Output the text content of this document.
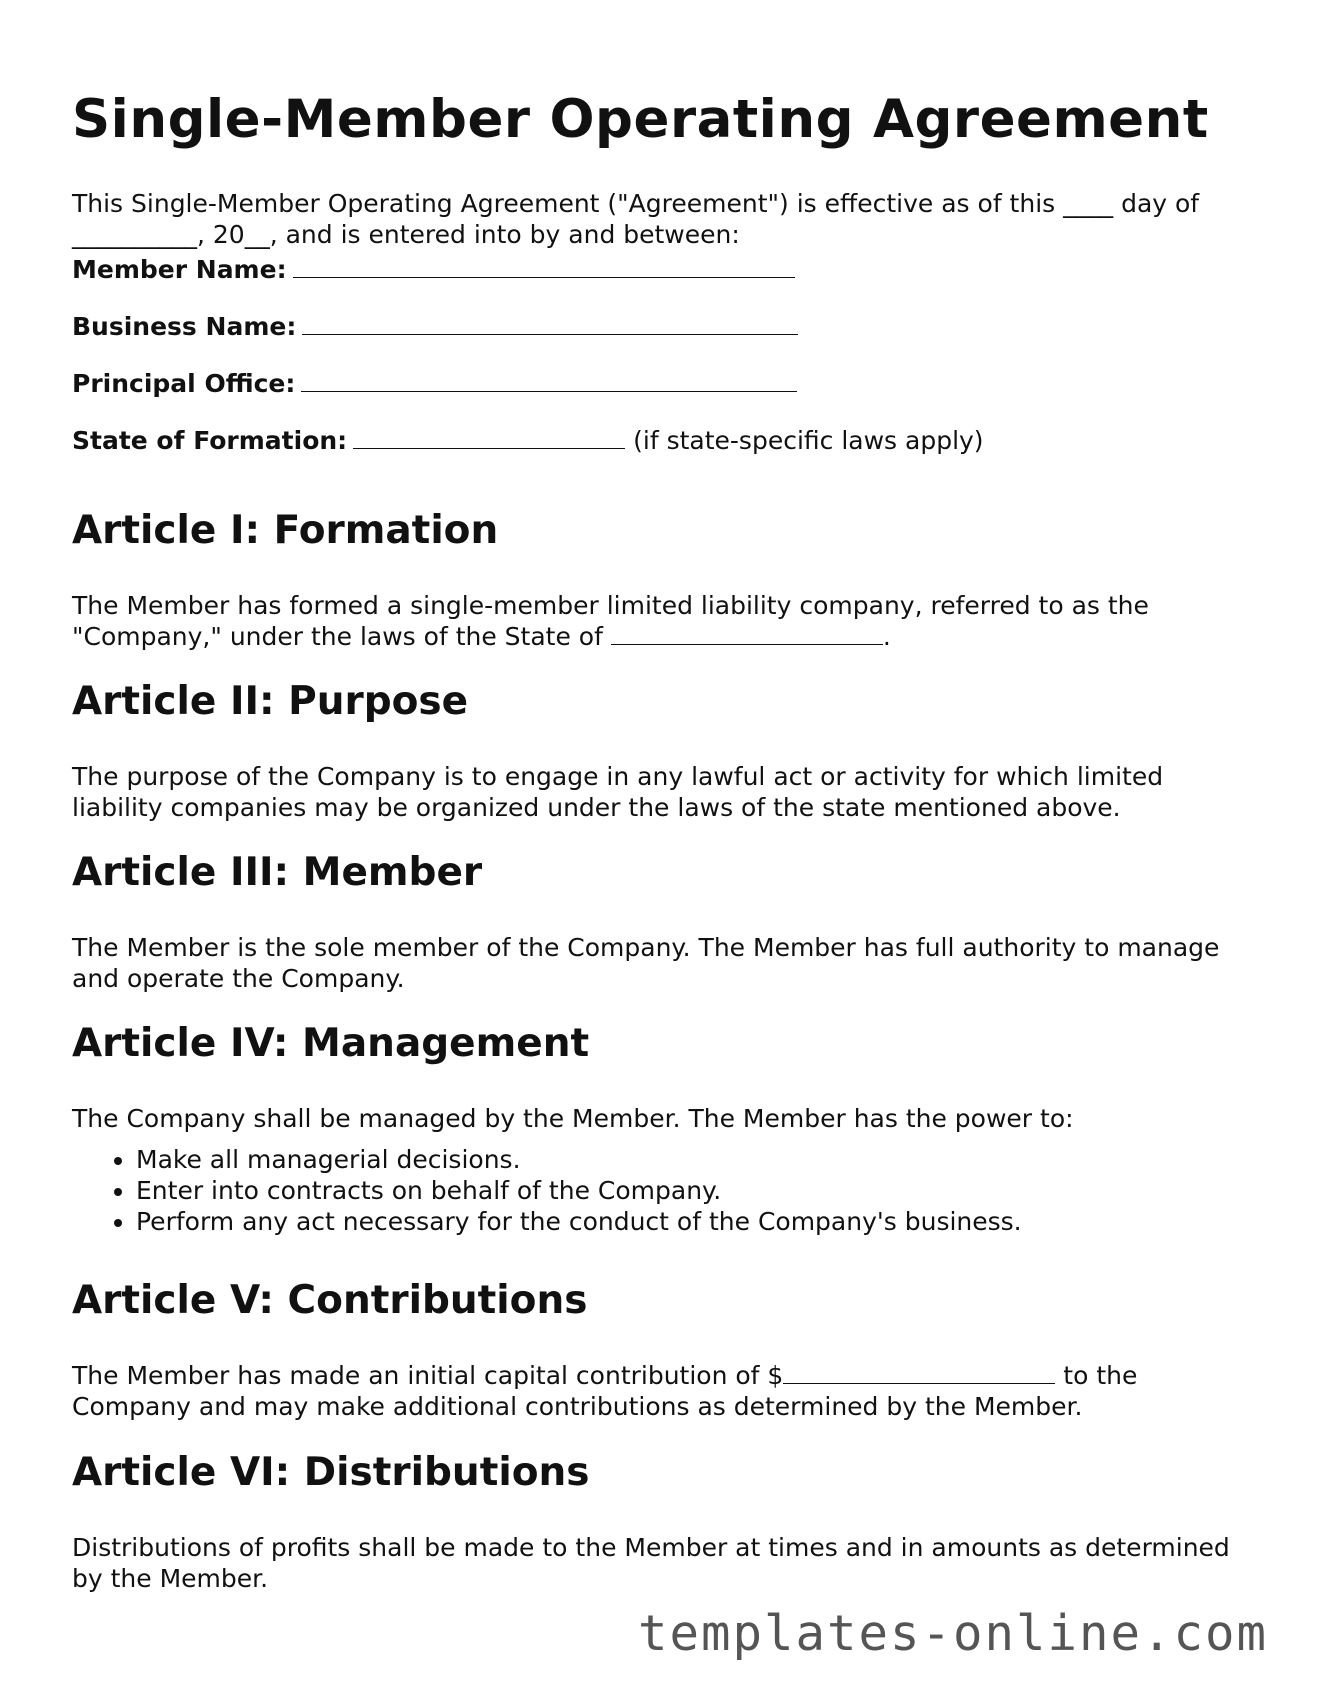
Single-Member Operating Agreement

This Single-Member Operating Agreement ("Agreement") is effective as of this ____ day of __________, 20__, and is entered into by and between:

Member Name:

Business Name:

Principal Office:

State of Formation:	(if state-specific laws apply)

Article I: Formation

The Member has formed a single-member limited liability company, referred to as the "Company," under the laws of the State of	.

Article II: Purpose

The purpose of the Company is to engage in any lawful act or activity for which limited liability companies may be organized under the laws of the state mentioned above.

Article III: Member

The Member is the sole member of the Company. The Member has full authority to manage and operate the Company.

Article IV: Management

The Company shall be managed by the Member. The Member has the power to:

• Make all managerial decisions.
• Enter into contracts on behalf of the Company.
• Perform any act necessary for the conduct of the Company's business.
Article V: Contributions

The Member has made an initial capital contribution of $	to the Company and may make additional contributions as determined by the Member.

Article VI: Distributions

Distributions of profits shall be made to the Member at times and in amounts as determined by the Member.

templates-online.com
